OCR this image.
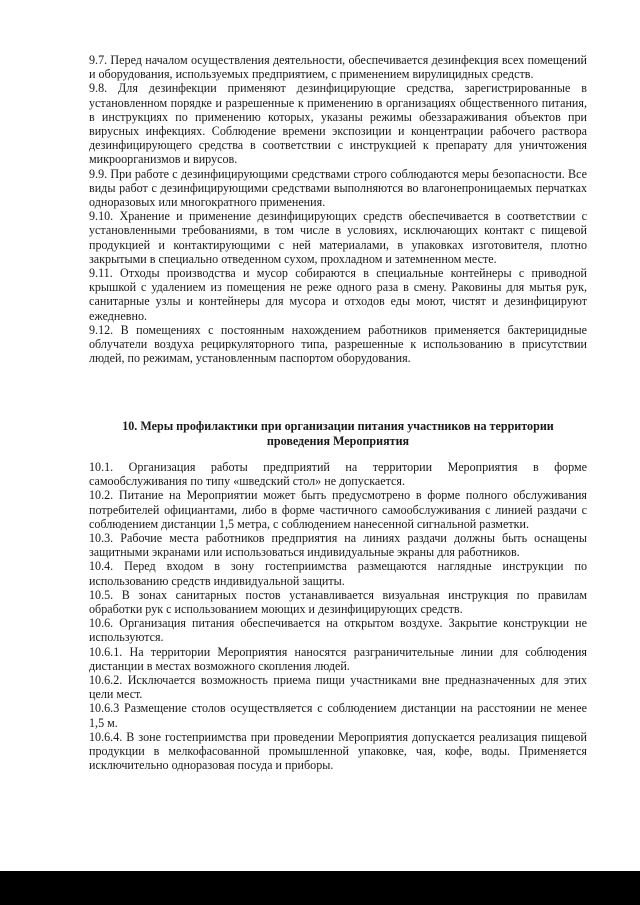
9.7. Перед началом осуществления деятельности, обеспечивается дезинфекция всех помещений и оборудования, используемых предприятием, с применением вирулицидных средств.

9.8. Для дезинфекции применяют дезинфицирующие средства, зарегистрированные в установленном порядке и разрешенные к применению в организациях общественного питания, в инструкциях по применению которых, указаны режимы обеззараживания объектов при вирусных инфекциях. Соблюдение времени экспозиции и концентрации рабочего раствора дезинфицирующего средства в соответствии с инструкцией к препарату для уничтожения микроорганизмов и вирусов.

9.9. При работе с дезинфицирующими средствами строго соблюдаются меры безопасности. Все виды работ с дезинфицирующими средствами выполняются во влагонепроницаемых перчатках одноразовых или многократного применения.

9.10. Хранение и применение дезинфицирующих средств обеспечивается в соответствии с установленными требованиями, в том числе в условиях, исключающих контакт с пищевой продукцией и контактирующими с ней материалами, в упаковках изготовителя, плотно закрытыми в специально отведенном сухом, прохладном и затемненном месте.

9.11. Отходы производства и мусор собираются в специальные контейнеры с приводной крышкой с удалением из помещения не реже одного раза в смену. Раковины для мытья рук, санитарные узлы и контейнеры для мусора и отходов еды моют, чистят и дезинфицируют ежедневно.

9.12. В помещениях с постоянным нахождением работников применяется бактерицидные облучатели воздуха рециркуляторного типа, разрешенные к использованию в присутствии людей, по режимам, установленным паспортом оборудования.

10. Меры профилактики при организации питания участников на территории проведения Мероприятия

10.1. Организация работы предприятий на территории Мероприятия в форме самообслуживания по типу «шведский стол» не допускается.

10.2. Питание на Мероприятии может быть предусмотрено в форме полного обслуживания потребителей официантами, либо в форме частичного самообслуживания с линией раздачи с соблюдением дистанции 1,5 метра, с соблюдением нанесенной сигнальной разметки.

10.3. Рабочие места работников предприятия на линиях раздачи должны быть оснащены защитными экранами или использоваться индивидуальные экраны для работников.

10.4. Перед входом в зону гостеприимства размещаются наглядные инструкции по использованию средств индивидуальной защиты.

10.5. В зонах санитарных постов устанавливается визуальная инструкция по правилам обработки рук с использованием моющих и дезинфицирующих средств.

10.6. Организация питания обеспечивается на открытом воздухе. Закрытие конструкции не используются.

10.6.1. На территории Мероприятия наносятся разграничительные линии для соблюдения дистанции в местах возможного скопления людей.

10.6.2. Исключается возможность приема пищи участниками вне предназначенных для этих цели мест.

10.6.3 Размещение столов осуществляется с соблюдением дистанции на расстоянии не менее 1,5 м.

10.6.4. В зоне гостеприимства при проведении Мероприятия допускается реализация пищевой продукции в мелкофасованной промышленной упаковке, чая, кофе, воды. Применяется исключительно одноразовая посуда и приборы.
